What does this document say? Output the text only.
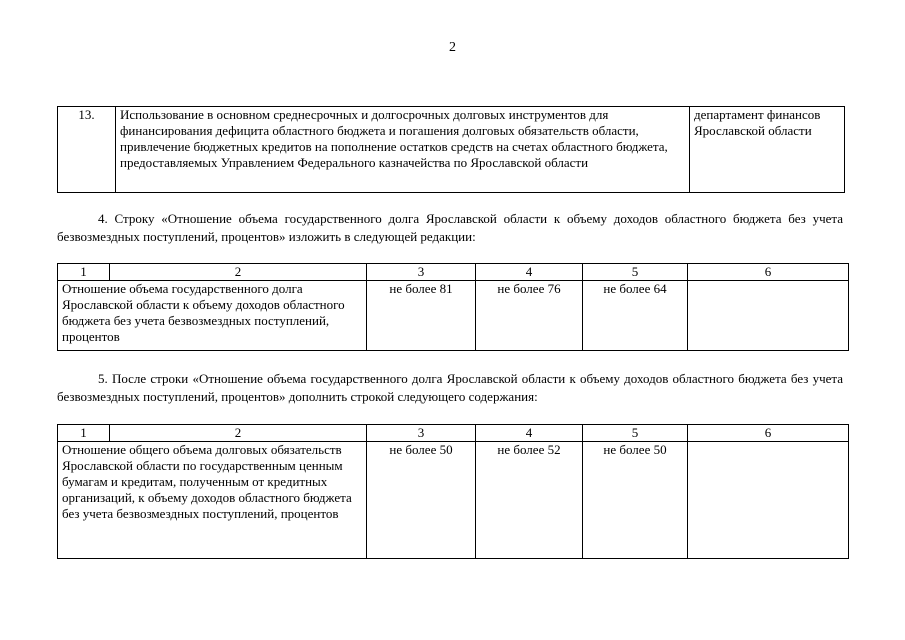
2
13.	Использование в основном среднесрочных и долгосрочных долговых инструментов для финансирования дефицита областного бюджета и погашения долговых обязательств области, привлечение бюджетных кредитов на пополнение остатков средств на счетах областного бюджета, предоставляемых Управлением Федерального казначейства по Ярославской области	департамент финансов Ярославской области

4. Строку «Отношение объема государственного долга Ярославской области к объему доходов областного бюджета без учета безвозмездных поступлений, процентов» изложить в следующей редакции:

1	2	3	4	5	6
Отношение объема государственного долга Ярославской области к объему доходов областного бюджета без учета безвозмездных поступлений, процентов		не более 81	не более 76	не более 64	

5. После строки «Отношение объема государственного долга Ярославской области к объему доходов областного бюджета без учета безвозмездных поступлений, процентов» дополнить строкой следующего содержания:

1	2	3	4	5	6
Отношение общего объема долговых обязательств Ярославской области по государственным ценным бумагам и кредитам, полученным от кредитных организаций, к объему доходов областного бюджета без учета безвозмездных поступлений, процентов		не более 50	не более 52	не более 50	
